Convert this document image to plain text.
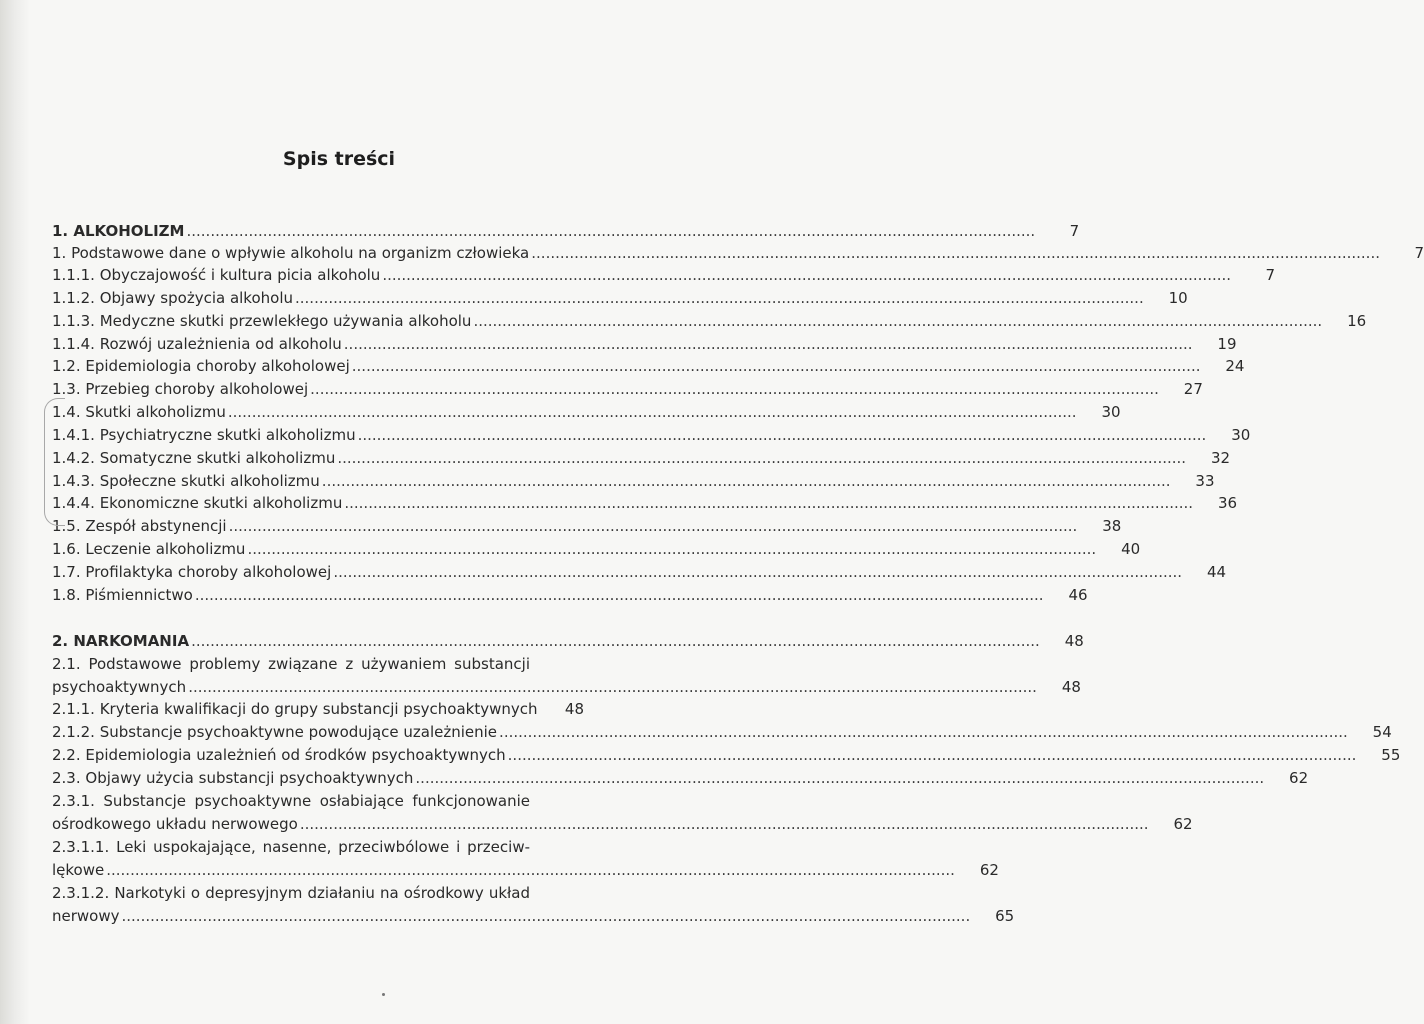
Spis treści
1. ALKOHOLIZM ..................................................................................................................................................................................	7
1. Podstawowe dane o wpływie alkoholu na organizm człowieka ..................................................................................................................................................................................	7
1.1.1. Obyczajowość i kultura picia alkoholu ..................................................................................................................................................................................	7
1.1.2. Objawy spożycia alkoholu ..................................................................................................................................................................................	10
1.1.3. Medyczne skutki przewlekłego używania alkoholu ..................................................................................................................................................................................	16
1.1.4. Rozwój uzależnienia od alkoholu ..................................................................................................................................................................................	19
1.2. Epidemiologia choroby alkoholowej ..................................................................................................................................................................................	24
1.3. Przebieg choroby alkoholowej ..................................................................................................................................................................................	27
1.4. Skutki alkoholizmu ..................................................................................................................................................................................	30
1.4.1. Psychiatryczne skutki alkoholizmu ..................................................................................................................................................................................	30
1.4.2. Somatyczne skutki alkoholizmu ..................................................................................................................................................................................	32
1.4.3. Społeczne skutki alkoholizmu ..................................................................................................................................................................................	33
1.4.4. Ekonomiczne skutki alkoholizmu ..................................................................................................................................................................................	36
1.5. Zespół abstynencji ..................................................................................................................................................................................	38
1.6. Leczenie alkoholizmu ..................................................................................................................................................................................	40
1.7. Profilaktyka choroby alkoholowej ..................................................................................................................................................................................	44
1.8. Piśmiennictwo ..................................................................................................................................................................................	46
2. NARKOMANIA ..................................................................................................................................................................................	48
2.1. Podstawowe problemy związane z używaniem substancji
psychoaktywnych ..................................................................................................................................................................................	48
2.1.1. Kryteria kwalifikacji do grupy substancji psychoaktywnych	48
2.1.2. Substancje psychoaktywne powodujące uzależnienie ..................................................................................................................................................................................	54
2.2. Epidemiologia uzależnień od środków psychoaktywnych ..................................................................................................................................................................................	55
2.3. Objawy użycia substancji psychoaktywnych ..................................................................................................................................................................................	62
2.3.1. Substancje psychoaktywne osłabiające funkcjonowanie
ośrodkowego układu nerwowego ..................................................................................................................................................................................	62
2.3.1.1. Leki uspokajające, nasenne, przeciwbólowe i przeciw-
lękowe ..................................................................................................................................................................................	62
2.3.1.2. Narkotyki o depresyjnym działaniu na ośrodkowy układ
nerwowy ..................................................................................................................................................................................	65
